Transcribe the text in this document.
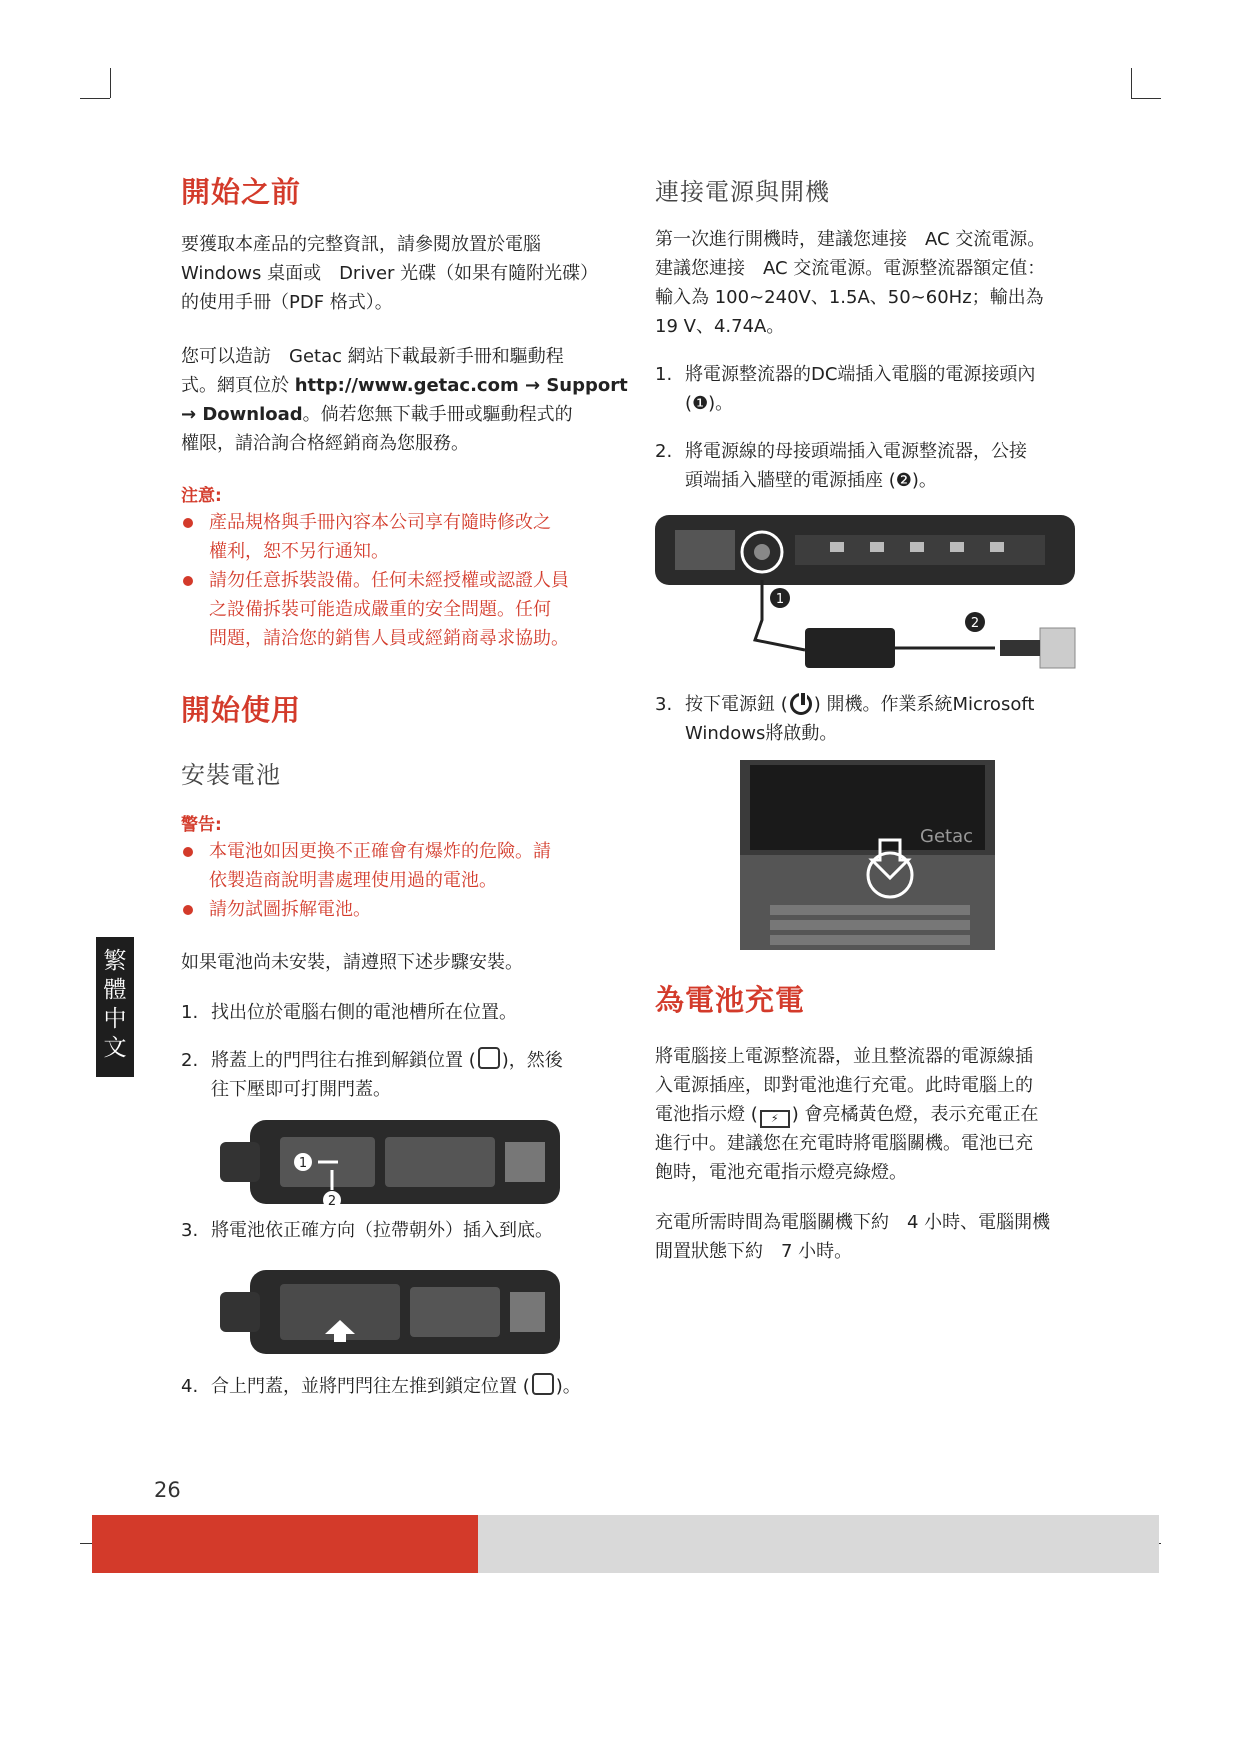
開始之前
要獲取本產品的完整資訊，請參閱放置於電腦
Windows 桌面或　Driver 光碟（如果有隨附光碟）
的使用手冊（PDF 格式）。
您可以造訪　Getac 網站下載最新手冊和驅動程
式。網頁位於 http://www.getac.com → Support
→ Download。倘若您無下載手冊或驅動程式的
權限，請洽詢合格經銷商為您服務。
注意:
產品規格與手冊內容本公司享有隨時修改之
權利，恕不另行通知。
請勿任意拆裝設備。任何未經授權或認證人員
之設備拆裝可能造成嚴重的安全問題。任何
問題，請洽您的銷售人員或經銷商尋求協助。
開始使用
安裝電池
警告:
本電池如因更換不正確會有爆炸的危險。請
依製造商說明書處理使用過的電池。
請勿試圖拆解電池。
如果電池尚未安裝，請遵照下述步驟安裝。
1. 找出位於電腦右側的電池槽所在位置。
2. 將蓋上的門閂往右推到解鎖位置 ( )，然後
往下壓即可打開門蓋。
1
2
3. 將電池依正確方向（拉帶朝外）插入到底。
4. 合上門蓋，並將門閂往左推到鎖定位置 ( )。
繁
體
中
文
連接電源與開機
第一次進行開機時，建議您連接　AC 交流電源。
建議您連接　AC 交流電源。電源整流器額定值：
輸入為 100~240V、1.5A、50~60Hz；輸出為
19 V、4.74A。
1. 將電源整流器的DC端插入電腦的電源接頭內
(❶)。
2. 將電源線的母接頭端插入電源整流器，公接
頭端插入牆壁的電源插座 (❷)。
1
2
3. 按下電源鈕 ( ) 開機。作業系統Microsoft
Windows將啟動。
Getac
為電池充電
將電腦接上電源整流器，並且整流器的電源線插
入電源插座，即對電池進行充電。此時電腦上的
電池指示燈 ( ⚡ ) 會亮橘黃色燈，表示充電正在
進行中。建議您在充電時將電腦關機。電池已充
飽時，電池充電指示燈亮綠燈。
充電所需時間為電腦關機下約　4 小時、電腦開機
閒置狀態下約　7 小時。
26
